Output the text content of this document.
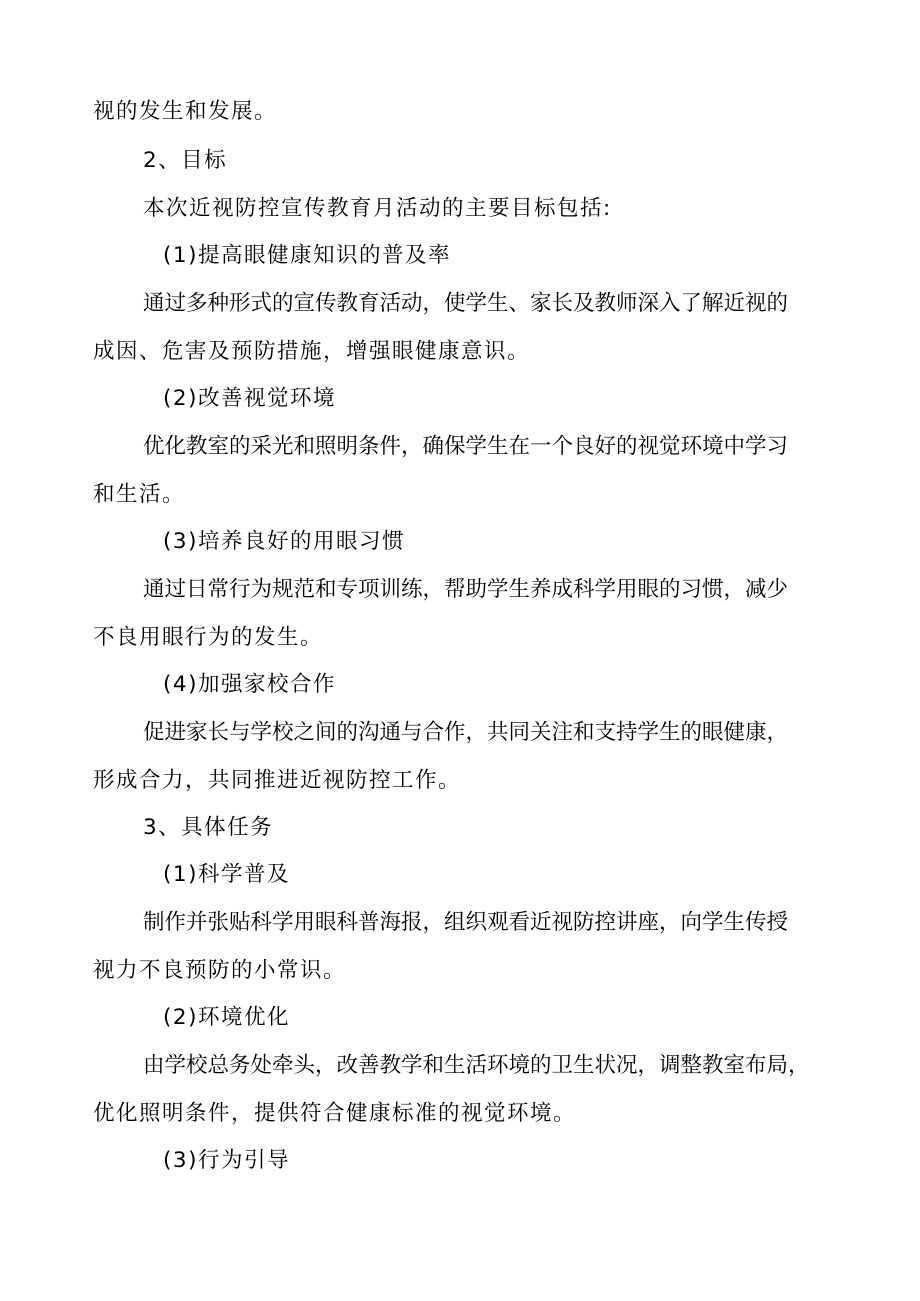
视的发生和发展。

2、目标

本次近视防控宣传教育月活动的主要目标包括:

(1)提高眼健康知识的普及率

通过多种形式的宣传教育活动，使学生、家长及教师深入了解近视的

成因、危害及预防措施，增强眼健康意识。

(2)改善视觉环境

优化教室的采光和照明条件，确保学生在一个良好的视觉环境中学习

和生活。

(3)培养良好的用眼习惯

通过日常行为规范和专项训练，帮助学生养成科学用眼的习惯，减少

不良用眼行为的发生。

(4)加强家校合作

促进家长与学校之间的沟通与合作，共同关注和支持学生的眼健康，

形成合力，共同推进近视防控工作。

3、具体任务

(1)科学普及

制作并张贴科学用眼科普海报，组织观看近视防控讲座，向学生传授

视力不良预防的小常识。

(2)环境优化

由学校总务处牵头，改善教学和生活环境的卫生状况，调整教室布局，

优化照明条件，提供符合健康标准的视觉环境。

(3)行为引导
